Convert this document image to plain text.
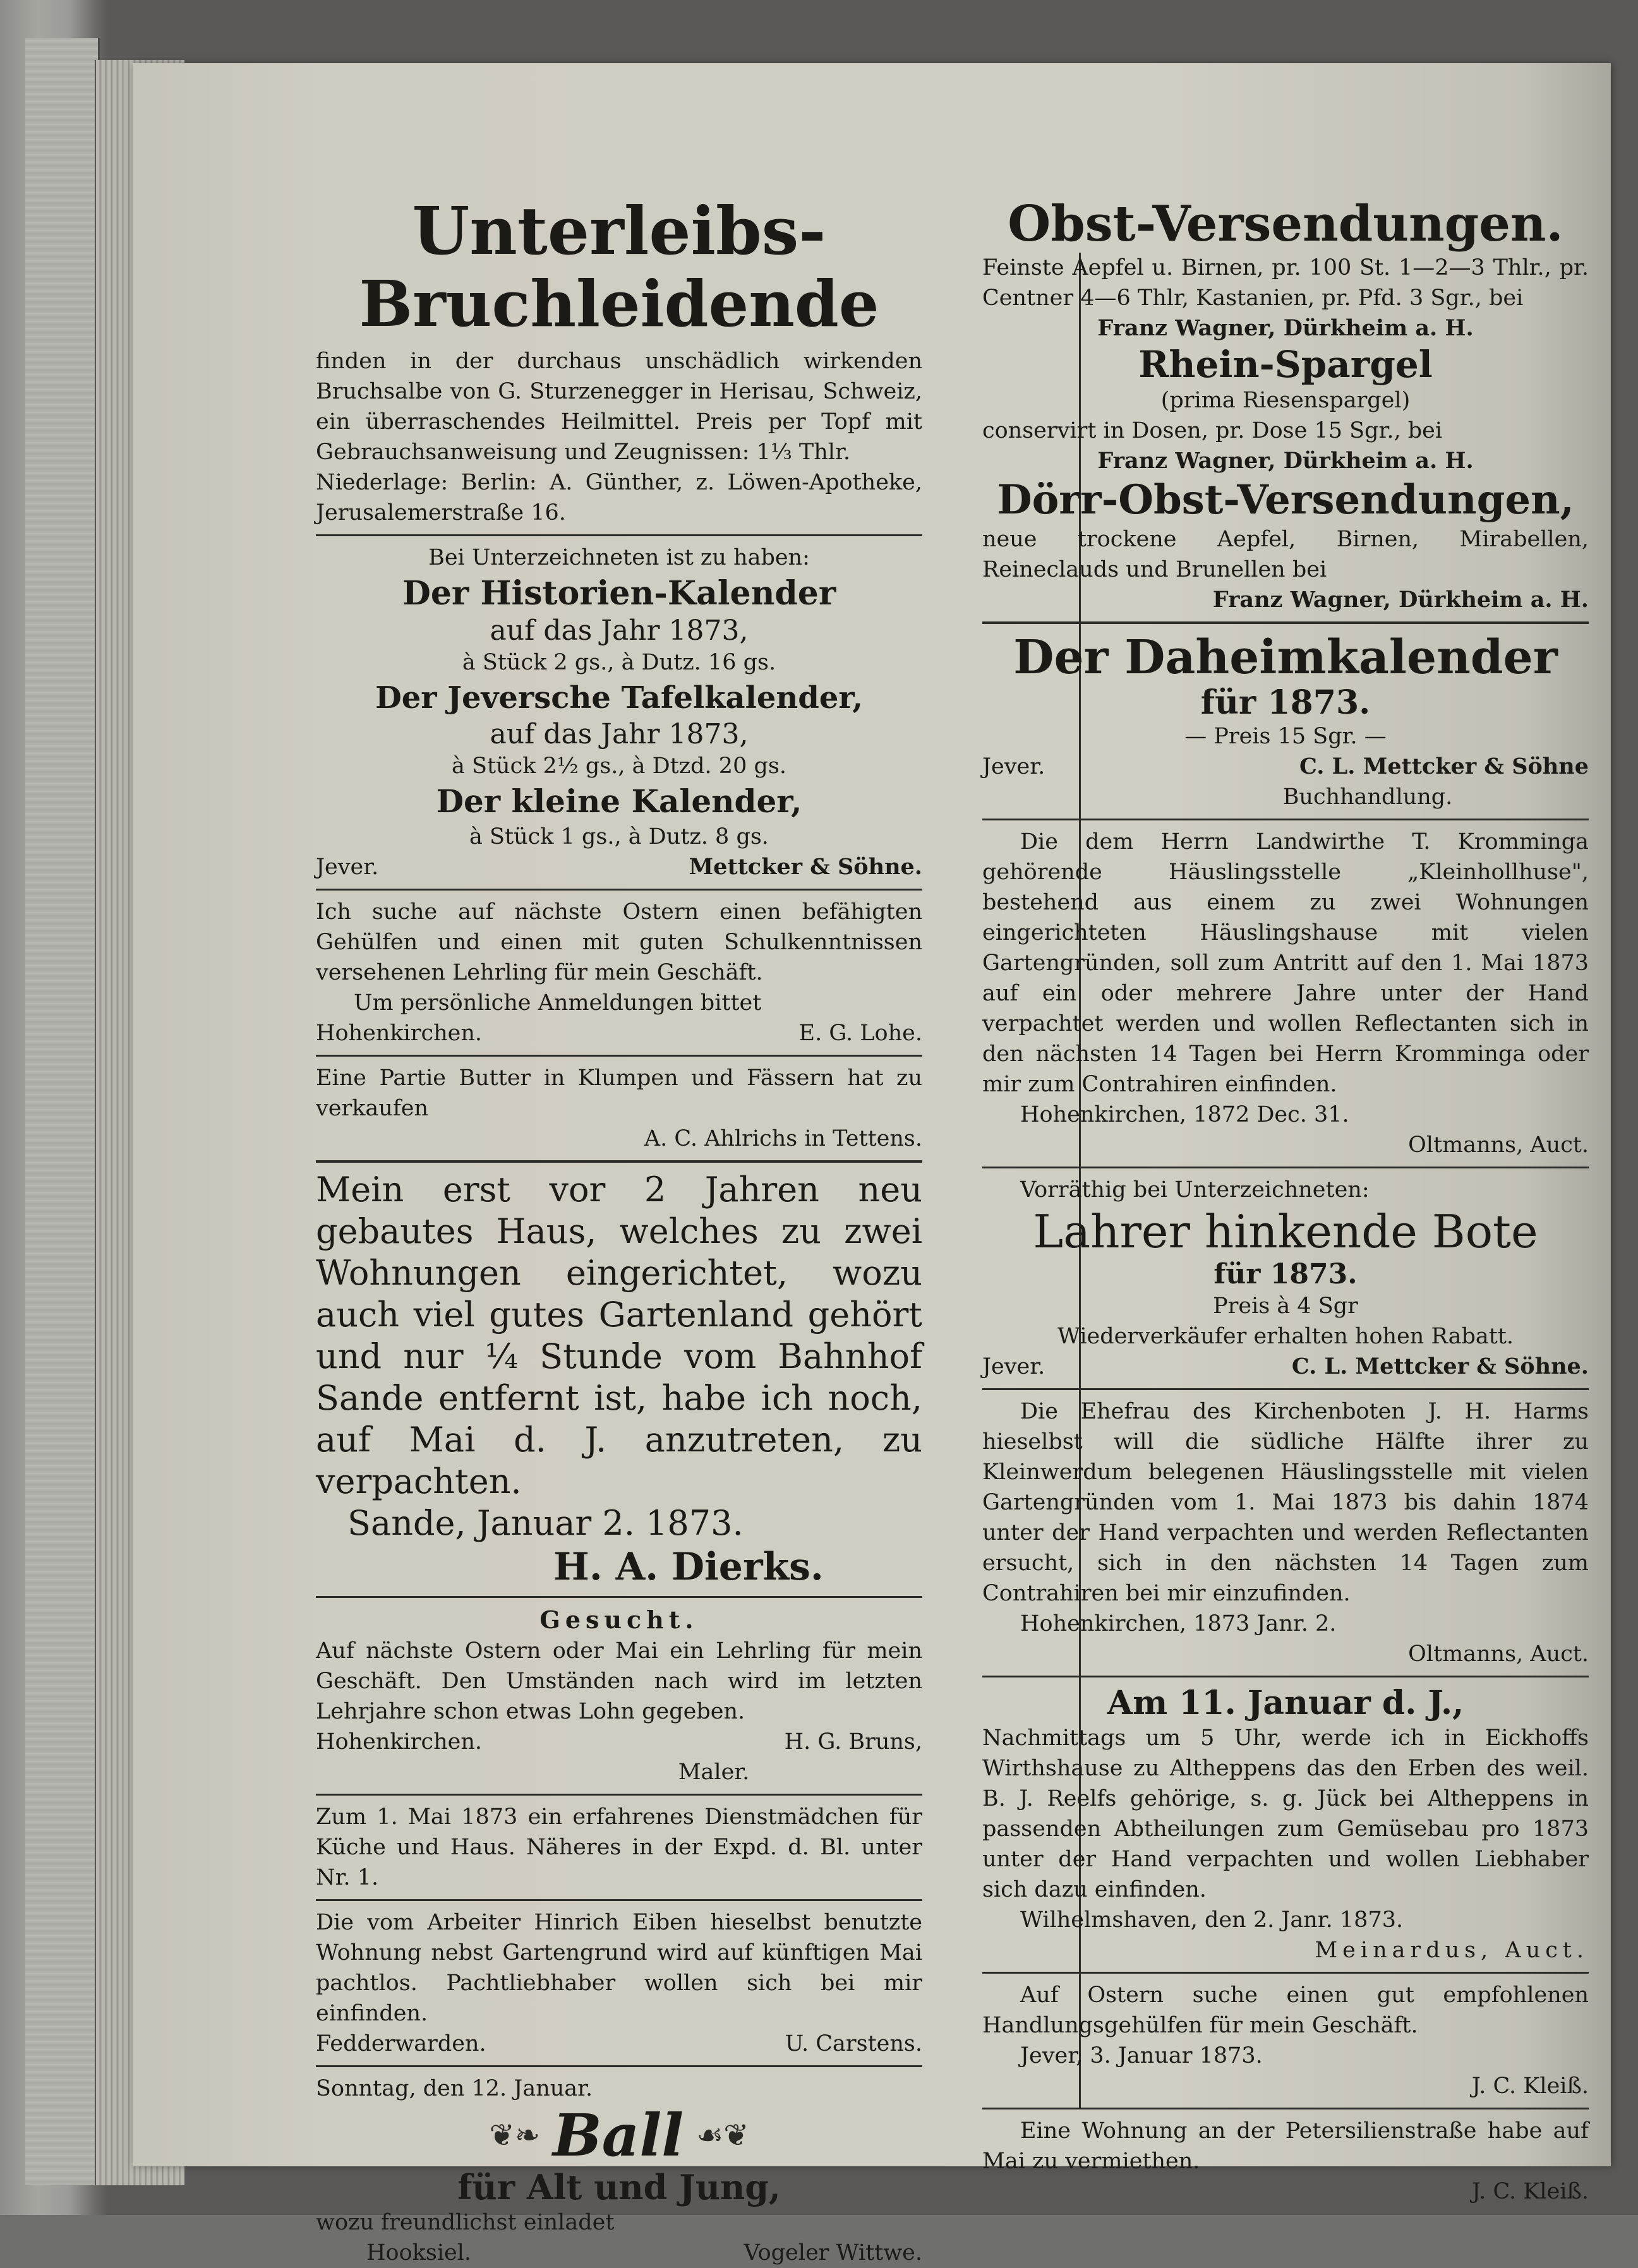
Unterleibs-

Bruchleidende

finden in der durchaus unschädlich wirkenden Bruchsalbe von G. Sturzenegger in Herisau, Schweiz, ein überraschendes Heilmittel. Preis per Topf mit Gebrauchsanweisung und Zeugnissen: 1⅓ Thlr.

Niederlage: Berlin: A. Günther, z. Löwen-Apotheke, Jerusalemerstraße 16.

Bei Unterzeichneten ist zu haben:

Der Historien-Kalender

auf das Jahr 1873,

à Stück 2 gs., à Dutz. 16 gs.

Der Jeversche Tafelkalender,

auf das Jahr 1873,

à Stück 2½ gs., à Dtzd. 20 gs.

Der kleine Kalender,

à Stück 1 gs., à Dutz. 8 gs.

Jever.	Mettcker & Söhne.

Ich suche auf nächste Ostern einen befähigten Gehülfen und einen mit guten Schulkenntnissen versehenen Lehrling für mein Geschäft.

Um persönliche Anmeldungen bittet

Hohenkirchen.	E. G. Lohe.

Eine Partie Butter in Klumpen und Fässern hat zu verkaufen

A. C. Ahlrichs in Tettens.

Mein erst vor 2 Jahren neu gebautes Haus, welches zu zwei Wohnungen eingerichtet, wozu auch viel gutes Gartenland gehört und nur ¼ Stunde vom Bahnhof Sande entfernt ist, habe ich noch, auf Mai d. J. anzutreten, zu verpachten.

Sande, Januar 2. 1873.

H. A. Dierks.

Gesucht.

Auf nächste Ostern oder Mai ein Lehrling für mein Geschäft. Den Umständen nach wird im letzten Lehrjahre schon etwas Lohn gegeben.

Hohenkirchen.	H. G. Bruns,

Maler.

Zum 1. Mai 1873 ein erfahrenes Dienstmädchen für Küche und Haus. Näheres in der Expd. d. Bl. unter Nr. 1.

Die vom Arbeiter Hinrich Eiben hieselbst benutzte Wohnung nebst Gartengrund wird auf künftigen Mai pachtlos. Pachtliebhaber wollen sich bei mir einfinden.

Fedderwarden.	U. Carstens.

Sonntag, den 12. Januar.

❦❧ Ball ☙❦

für Alt und Jung,

wozu freundlichst einladet

Hooksiel.	Vogeler Wittwe.

Obst-Versendungen.

Feinste Aepfel u. Birnen, pr. 100 St. 1—2—3 Thlr., pr. Centner 4—6 Thlr, Kastanien, pr. Pfd. 3 Sgr., bei

Franz Wagner, Dürkheim a. H.

Rhein-Spargel

(prima Riesenspargel)

conservirt in Dosen, pr. Dose 15 Sgr., bei

Franz Wagner, Dürkheim a. H.

Dörr-Obst-Versendungen,

neue trockene Aepfel, Birnen, Mirabellen, Reineclauds und Brunellen bei

Franz Wagner, Dürkheim a. H.

Der Daheimkalender

für 1873.

— Preis 15 Sgr. —

Jever.	C. L. Mettcker & Söhne

Buchhandlung.

Die dem Herrn Landwirthe T. Kromminga gehörende Häuslingsstelle „Kleinhollhuse", bestehend aus einem zu zwei Wohnungen eingerichteten Häuslingshause mit vielen Gartengründen, soll zum Antritt auf den 1. Mai 1873 auf ein oder mehrere Jahre unter der Hand verpachtet werden und wollen Reflectanten sich in den nächsten 14 Tagen bei Herrn Kromminga oder mir zum Contrahiren einfinden.

Hohenkirchen, 1872 Dec. 31.

Oltmanns, Auct.

Vorräthig bei Unterzeichneten:

Lahrer hinkende Bote

für 1873.

Preis à 4 Sgr

Wiederverkäufer erhalten hohen Rabatt.

Jever.	C. L. Mettcker & Söhne.

Die Ehefrau des Kirchenboten J. H. Harms hieselbst will die südliche Hälfte ihrer zu Kleinwerdum belegenen Häuslingsstelle mit vielen Gartengründen vom 1. Mai 1873 bis dahin 1874 unter der Hand verpachten und werden Reflectanten ersucht, sich in den nächsten 14 Tagen zum Contrahiren bei mir einzufinden.

Hohenkirchen, 1873 Janr. 2.

Oltmanns, Auct.

Am 11. Januar d. J.,

Nachmittags um 5 Uhr, werde ich in Eickhoffs Wirthshause zu Altheppens das den Erben des weil. B. J. Reelfs gehörige, s. g. Jück bei Altheppens in passenden Abtheilungen zum Gemüsebau pro 1873 unter der Hand verpachten und wollen Liebhaber sich dazu einfinden.

Wilhelmshaven, den 2. Janr. 1873.

Meinardus, Auct.

Auf Ostern suche einen gut empfohlenen Handlungsgehülfen für mein Geschäft.

Jever, 3. Januar 1873.

J. C. Kleiß.

Eine Wohnung an der Petersilienstraße habe auf Mai zu vermiethen.

J. C. Kleiß.
